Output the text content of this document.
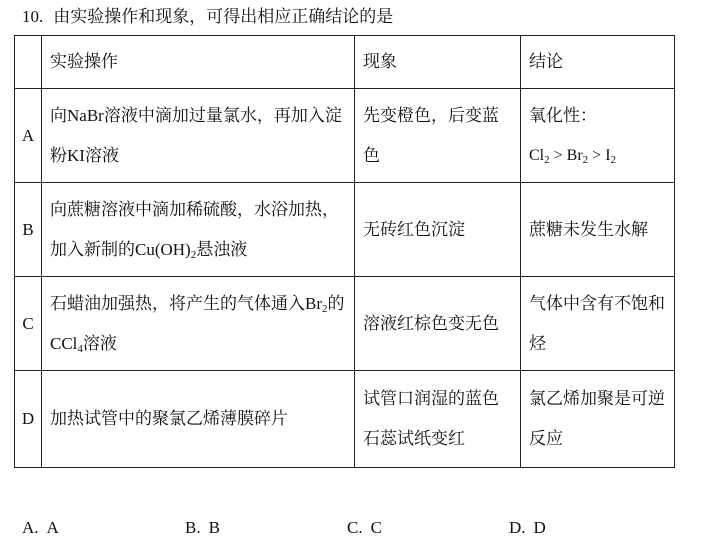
10. 由实验操作和现象，可得出相应正确结论的是
	实验操作	现象	结论
A	向NaBr溶液中滴加过量氯水，再加入淀粉KI溶液	先变橙色，后变蓝色	氧化性：
$Cl_2 > Br_2 > I_2$

B	向蔗糖溶液中滴加稀硫酸，水浴加热，加入新制的$Cu(OH)_2$悬浊液	无砖红色沉淀	蔗糖未发生水解
C	石蜡油加强热，将产生的气体通入$Br_2$的CCl$_4$溶液	溶液红棕色变无色	气体中含有不饱和烃
D	加热试管中的聚氯乙烯薄膜碎片	试管口润湿的蓝色石蕊试纸变红	氯乙烯加聚是可逆反应
A. A	B. B	C. C	D. D
